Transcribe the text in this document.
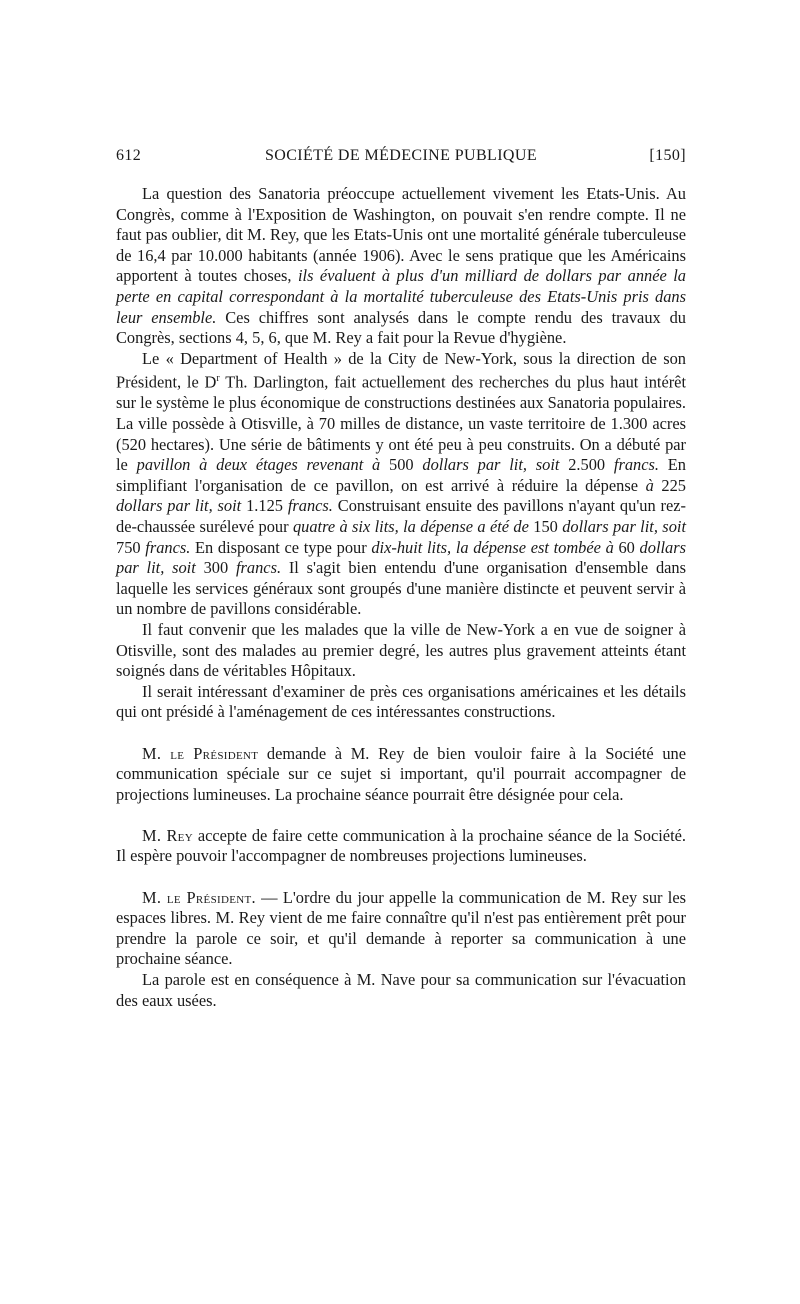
612	SOCIÉTÉ DE MÉDECINE PUBLIQUE	[150]

La question des Sanatoria préoccupe actuellement vivement les Etats-Unis. Au Congrès, comme à l'Exposition de Washington, on pouvait s'en rendre compte. Il ne faut pas oublier, dit M. Rey, que les Etats-Unis ont une mortalité générale tuberculeuse de 16,4 par 10.000 habitants (année 1906). Avec le sens pratique que les Américains apportent à toutes choses, ils évaluent à plus d'un milliard de dollars par année la perte en capital correspondant à la mortalité tuberculeuse des Etats-Unis pris dans leur ensemble. Ces chiffres sont analysés dans le compte rendu des travaux du Congrès, sections 4, 5, 6, que M. Rey a fait pour la Revue d'hygiène.

Le « Department of Health » de la City de New-York, sous la direction de son Président, le $D^r$ Th. Darlington, fait actuellement des recherches du plus haut intérêt sur le système le plus économique de constructions destinées aux Sanatoria populaires. La ville possède à Otisville, à 70 milles de distance, un vaste territoire de 1.300 acres (520 hectares). Une série de bâtiments y ont été peu à peu construits. On a débuté par le pavillon à deux étages revenant à 500 dollars par lit, soit 2.500 francs. En simplifiant l'organisation de ce pavillon, on est arrivé à réduire la dépense à 225 dollars par lit, soit 1.125 francs. Construisant ensuite des pavillons n'ayant qu'un rez-de-chaussée surélevé pour quatre à six lits, la dépense a été de 150 dollars par lit, soit 750 francs. En disposant ce type pour dix-huit lits, la dépense est tombée à 60 dollars par lit, soit 300 francs. Il s'agit bien entendu d'une organisation d'ensemble dans laquelle les services généraux sont groupés d'une manière distincte et peuvent servir à un nombre de pavillons considérable.

Il faut convenir que les malades que la ville de New-York a en vue de soigner à Otisville, sont des malades au premier degré, les autres plus gravement atteints étant soignés dans de véritables Hôpitaux.

Il serait intéressant d'examiner de près ces organisations américaines et les détails qui ont présidé à l'aménagement de ces intéressantes constructions.

M. le Président demande à M. Rey de bien vouloir faire à la Société une communication spéciale sur ce sujet si important, qu'il pourrait accompagner de projections lumineuses. La prochaine séance pourrait être désignée pour cela.

M. Rey accepte de faire cette communication à la prochaine séance de la Société. Il espère pouvoir l'accompagner de nombreuses projections lumineuses.

M. le Président. — L'ordre du jour appelle la communication de M. Rey sur les espaces libres. M. Rey vient de me faire connaître qu'il n'est pas entièrement prêt pour prendre la parole ce soir, et qu'il demande à reporter sa communication à une prochaine séance.

La parole est en conséquence à M. Nave pour sa communication sur l'évacuation des eaux usées.
